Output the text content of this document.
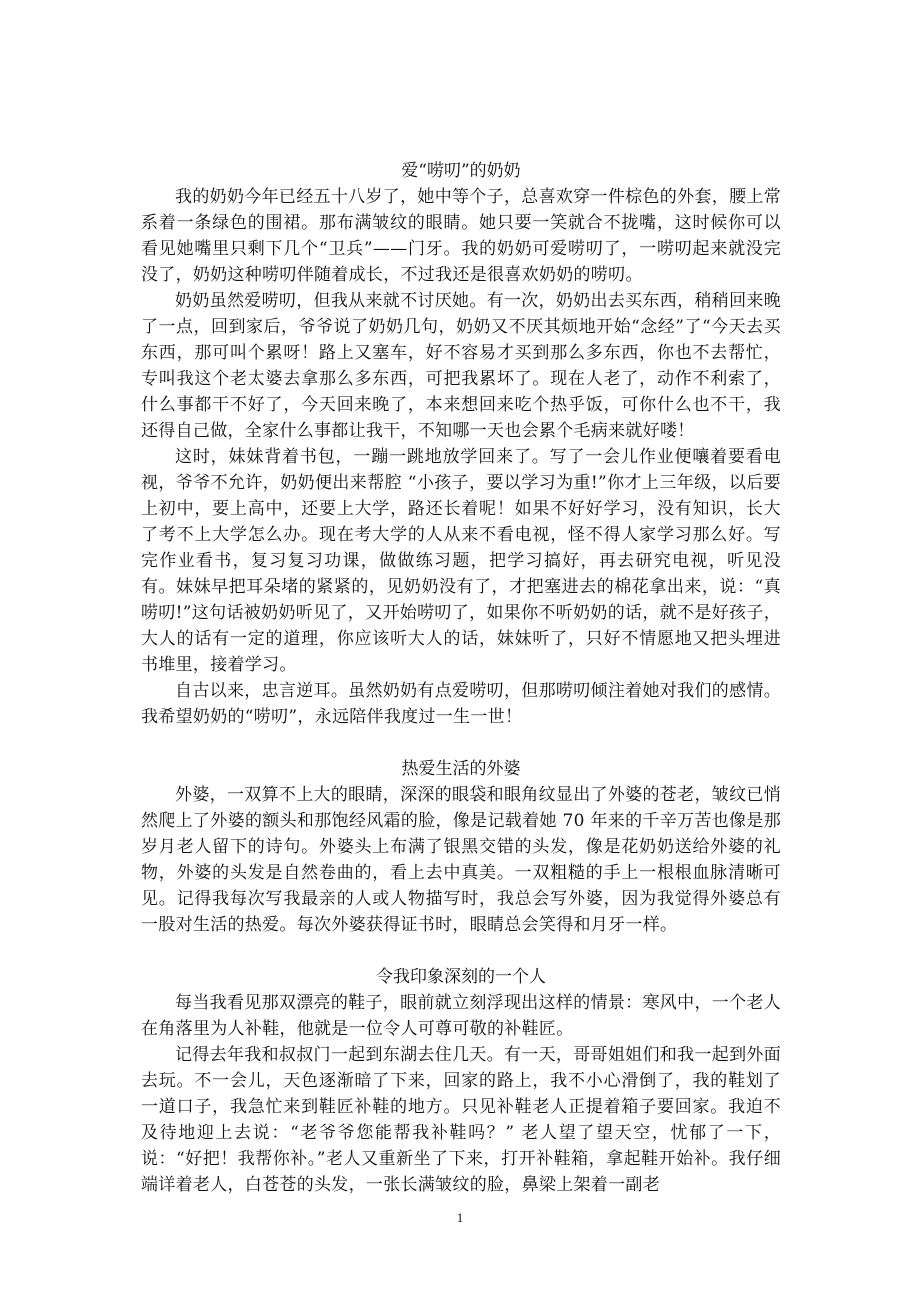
爱“唠叨”的奶奶

我的奶奶今年已经五十八岁了，她中等个子，总喜欢穿一件棕色的外套，腰上常系着一条绿色的围裙。那布满皱纹的眼睛。她只要一笑就合不拢嘴，这时候你可以看见她嘴里只剩下几个“卫兵”——门牙。我的奶奶可爱唠叨了，一唠叨起来就没完没了，奶奶这种唠叨伴随着成长，不过我还是很喜欢奶奶的唠叨。

奶奶虽然爱唠叨，但我从来就不讨厌她。有一次，奶奶出去买东西，稍稍回来晚了一点，回到家后，爷爷说了奶奶几句，奶奶又不厌其烦地开始“念经”了“今天去买东西，那可叫个累呀！路上又塞车，好不容易才买到那么多东西，你也不去帮忙，专叫我这个老太婆去拿那么多东西，可把我累坏了。现在人老了，动作不利索了，什么事都干不好了，今天回来晚了，本来想回来吃个热乎饭，可你什么也不干，我还得自己做，全家什么事都让我干，不知哪一天也会累个毛病来就好喽！

这时，妹妹背着书包，一蹦一跳地放学回来了。写了一会儿作业便嚷着要看电视，爷爷不允许，奶奶便出来帮腔 “小孩子，要以学习为重!”你才上三年级，以后要上初中，要上高中，还要上大学，路还长着呢！如果不好好学习，没有知识，长大了考不上大学怎么办。现在考大学的人从来不看电视，怪不得人家学习那么好。写完作业看书，复习复习功课，做做练习题，把学习搞好，再去研究电视，听见没有。妹妹早把耳朵堵的紧紧的，见奶奶没有了，才把塞进去的棉花拿出来，说：“真唠叨!”这句话被奶奶听见了，又开始唠叨了，如果你不听奶奶的话，就不是好孩子，大人的话有一定的道理，你应该听大人的话，妹妹听了，只好不情愿地又把头埋进书堆里，接着学习。

自古以来，忠言逆耳。虽然奶奶有点爱唠叨，但那唠叨倾注着她对我们的感情。我希望奶奶的“唠叨”，永远陪伴我度过一生一世！

热爱生活的外婆

外婆，一双算不上大的眼睛，深深的眼袋和眼角纹显出了外婆的苍老，皱纹已悄然爬上了外婆的额头和那饱经风霜的脸，像是记载着她 70 年来的千辛万苦也像是那岁月老人留下的诗句。外婆头上布满了银黑交错的头发，像是花奶奶送给外婆的礼物，外婆的头发是自然卷曲的，看上去中真美。一双粗糙的手上一根根血脉清晰可见。记得我每次写我最亲的人或人物描写时，我总会写外婆，因为我觉得外婆总有一股对生活的热爱。每次外婆获得证书时，眼睛总会笑得和月牙一样。

令我印象深刻的一个人

每当我看见那双漂亮的鞋子，眼前就立刻浮现出这样的情景：寒风中，一个老人在角落里为人补鞋，他就是一位令人可尊可敬的补鞋匠。

记得去年我和叔叔门一起到东湖去住几天。有一天，哥哥姐姐们和我一起到外面去玩。不一会儿，天色逐渐暗了下来，回家的路上，我不小心滑倒了，我的鞋划了一道口子，我急忙来到鞋匠补鞋的地方。只见补鞋老人正提着箱子要回家。我迫不及待地迎上去说：“老爷爷您能帮我补鞋吗？” 老人望了望天空，忧郁了一下，说：“好把！我帮你补。”老人又重新坐了下来，打开补鞋箱，拿起鞋开始补。我仔细端详着老人，白苍苍的头发，一张长满皱纹的脸，鼻梁上架着一副老

1
